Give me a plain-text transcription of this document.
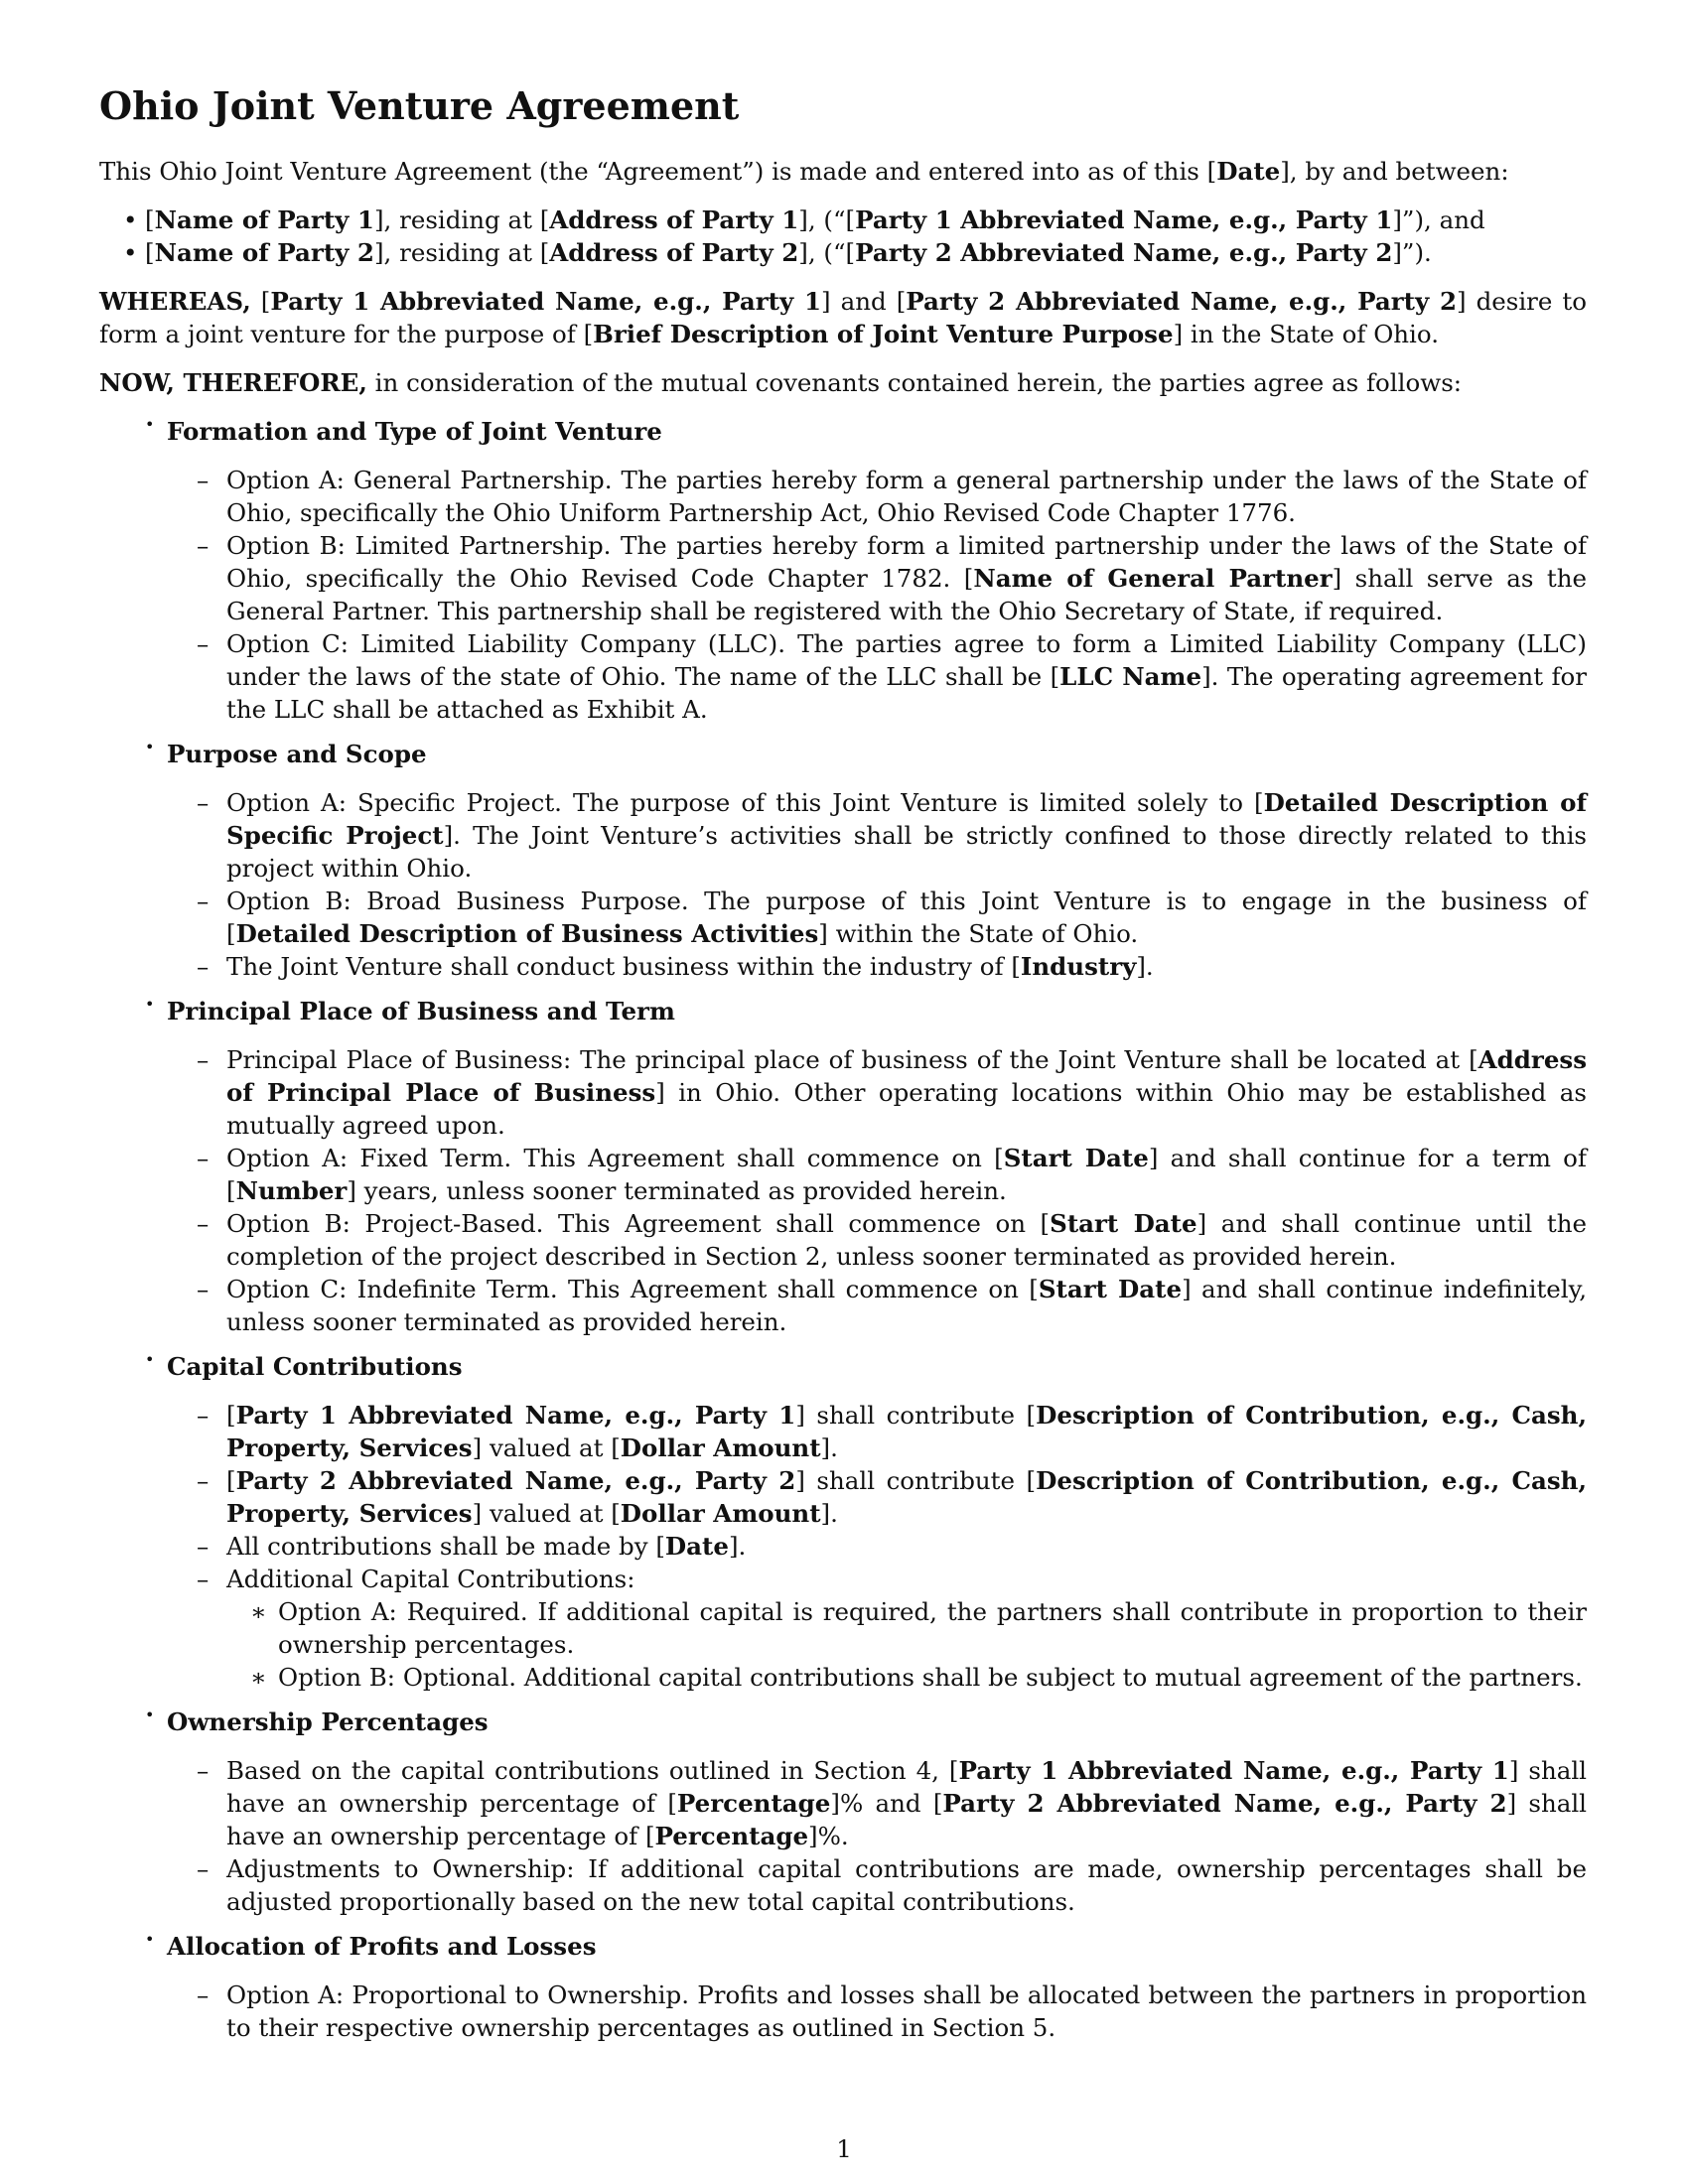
Ohio Joint Venture Agreement

This Ohio Joint Venture Agreement (the “Agreement”) is made and entered into as of this [Date], by and between:

• [Name of Party 1], residing at [Address of Party 1], (“[Party 1 Abbreviated Name, e.g., Party 1]”), and
• [Name of Party 2], residing at [Address of Party 2], (“[Party 2 Abbreviated Name, e.g., Party 2]”).

WHEREAS, [Party 1 Abbreviated Name, e.g., Party 1] and [Party 2 Abbreviated Name, e.g., Party 2] desire to form a joint venture for the purpose of [Brief Description of Joint Venture Purpose] in the State of Ohio.

NOW, THEREFORE, in consideration of the mutual covenants contained herein, the parties agree as follows:

• Formation and Type of Joint Venture
– Option A: General Partnership. The parties hereby form a general partnership under the laws of the State of Ohio, specifically the Ohio Uniform Partnership Act, Ohio Revised Code Chapter 1776.
– Option B: Limited Partnership. The parties hereby form a limited partnership under the laws of the State of Ohio, specifically the Ohio Revised Code Chapter 1782. [Name of General Partner] shall serve as the General Partner. This partnership shall be registered with the Ohio Secretary of State, if required.
– Option C: Limited Liability Company (LLC). The parties agree to form a Limited Liability Company (LLC) under the laws of the state of Ohio. The name of the LLC shall be [LLC Name]. The operating agreement for the LLC shall be attached as Exhibit A.
• Purpose and Scope
– Option A: Specific Project. The purpose of this Joint Venture is limited solely to [Detailed Description of Specific Project]. The Joint Venture’s activities shall be strictly confined to those directly related to this project within Ohio.
– Option B: Broad Business Purpose. The purpose of this Joint Venture is to engage in the business of [Detailed Description of Business Activities] within the State of Ohio.
– The Joint Venture shall conduct business within the industry of [Industry].
• Principal Place of Business and Term
– Principal Place of Business: The principal place of business of the Joint Venture shall be located at [Address of Principal Place of Business] in Ohio. Other operating locations within Ohio may be established as mutually agreed upon.
– Option A: Fixed Term. This Agreement shall commence on [Start Date] and shall continue for a term of [Number] years, unless sooner terminated as provided herein.
– Option B: Project-Based. This Agreement shall commence on [Start Date] and shall continue until the completion of the project described in Section 2, unless sooner terminated as provided herein.
– Option C: Indefinite Term. This Agreement shall commence on [Start Date] and shall continue indefinitely, unless sooner terminated as provided herein.
• Capital Contributions
– [Party 1 Abbreviated Name, e.g., Party 1] shall contribute [Description of Contribution, e.g., Cash, Property, Services] valued at [Dollar Amount].
– [Party 2 Abbreviated Name, e.g., Party 2] shall contribute [Description of Contribution, e.g., Cash, Property, Services] valued at [Dollar Amount].
– All contributions shall be made by [Date].
– Additional Capital Contributions:
∗ Option A: Required. If additional capital is required, the partners shall contribute in proportion to their ownership percentages.
∗ Option B: Optional. Additional capital contributions shall be subject to mutual agreement of the partners.
• Ownership Percentages
– Based on the capital contributions outlined in Section 4, [Party 1 Abbreviated Name, e.g., Party 1] shall have an ownership percentage of [Percentage]% and [Party 2 Abbreviated Name, e.g., Party 2] shall have an ownership percentage of [Percentage]%.
– Adjustments to Ownership: If additional capital contributions are made, ownership percentages shall be adjusted proportionally based on the new total capital contributions.
• Allocation of Profits and Losses
– Option A: Proportional to Ownership. Profits and losses shall be allocated between the partners in proportion to their respective ownership percentages as outlined in Section 5.
1
